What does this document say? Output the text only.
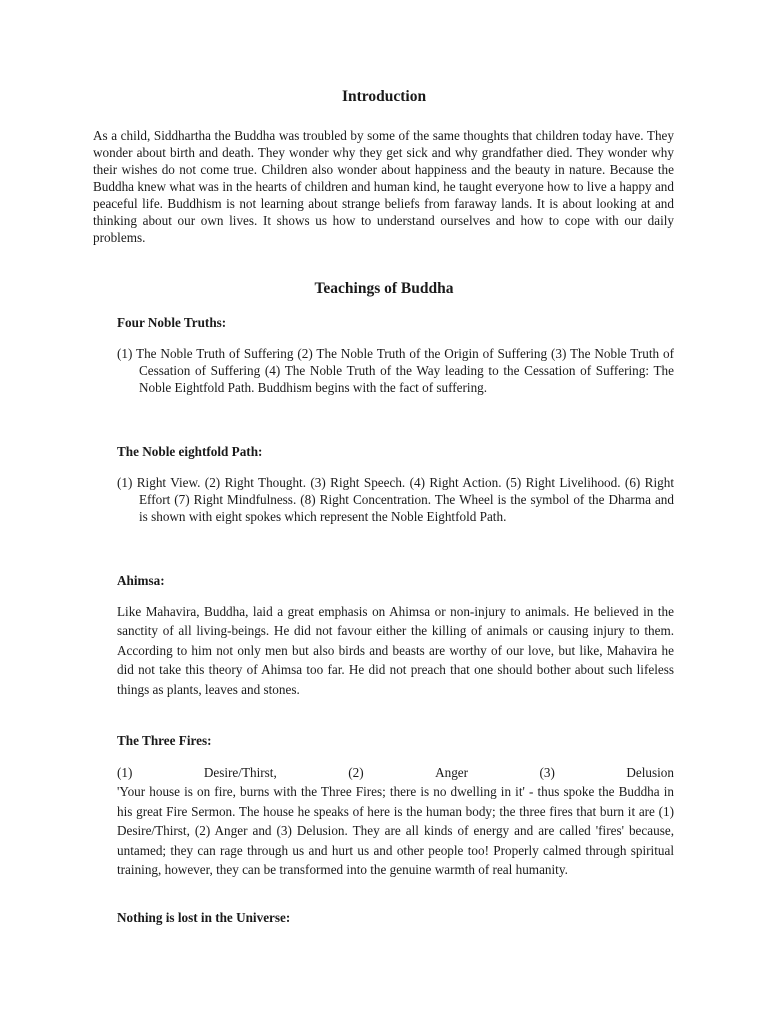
Introduction

As a child, Siddhartha the Buddha was troubled by some of the same thoughts that children today have. They wonder about birth and death. They wonder why they get sick and why grandfather died. They wonder why their wishes do not come true. Children also wonder about happiness and the beauty in nature. Because the Buddha knew what was in the hearts of children and human kind, he taught everyone how to live a happy and peaceful life. Buddhism is not learning about strange beliefs from faraway lands. It is about looking at and thinking about our own lives. It shows us how to understand ourselves and how to cope with our daily problems.

Teachings of Buddha
Four Noble Truths:

(1) The Noble Truth of Suffering (2) The Noble Truth of the Origin of Suffering (3) The Noble Truth of Cessation of Suffering (4) The Noble Truth of the Way leading to the Cessation of Suffering: The Noble Eightfold Path. Buddhism begins with the fact of suffering.

The Noble eightfold Path:

(1) Right View. (2) Right Thought. (3) Right Speech. (4) Right Action. (5) Right Livelihood. (6) Right Effort (7) Right Mindfulness. (8) Right Concentration. The Wheel is the symbol of the Dharma and is shown with eight spokes which represent the Noble Eightfold Path.

Ahimsa:

Like Mahavira, Buddha, laid a great emphasis on Ahimsa or non-injury to animals. He believed in the sanctity of all living-beings. He did not favour either the killing of animals or causing injury to them. According to him not only men but also birds and beasts are worthy of our love, but like, Mahavira he did not take this theory of Ahimsa too far. He did not preach that one should bother about such lifeless things as plants, leaves and stones.

The Three Fires:
(1)	Desire/Thirst,	(2)	Anger	(3)	Delusion
'Your house is on fire, burns with the Three Fires; there is no dwelling in it' - thus spoke the Buddha in his great Fire Sermon. The house he speaks of here is the human body; the three fires that burn it are (1) Desire/Thirst, (2) Anger and (3) Delusion. They are all kinds of energy and are called 'fires' because, untamed; they can rage through us and hurt us and other people too! Properly calmed through spiritual training, however, they can be transformed into the genuine warmth of real humanity.
Nothing is lost in the Universe:
